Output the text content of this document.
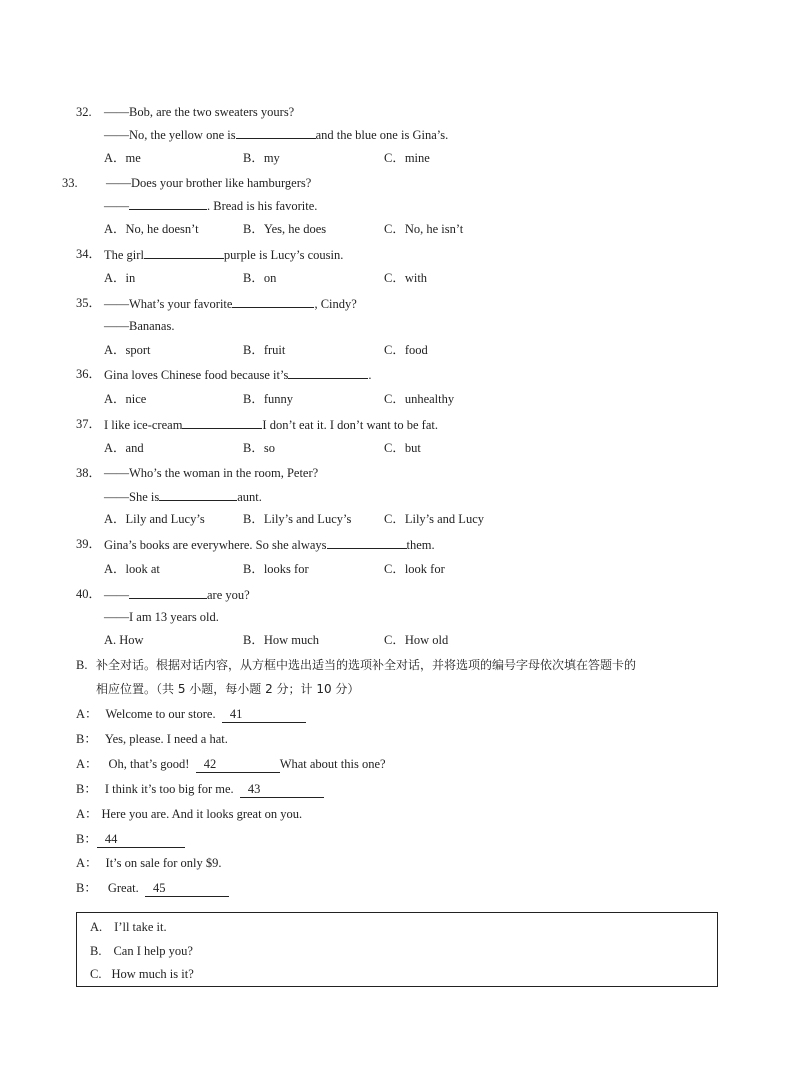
32. ——Bob, are the two sweaters yours?
——No, the yellow one is	and the blue one is Gina’s.
A．me	B．my	C．mine
33. ——Does your brother like hamburgers?
——	. Bread is his favorite.
A．No, he doesn’t	B．Yes, he does	C．No, he isn’t
34． The girl	purple is Lucy’s cousin.
A．in	B．on	C．with
35． ——What’s your favorite	, Cindy?
——Bananas.
A．sport	B．fruit	C．food
36． Gina loves Chinese food because it’s	.
A．nice	B．funny	C．unhealthy
37． I like ice-cream	I don’t eat it. I don’t want to be fat.
A．and	B．so	C．but
38． ——Who’s the woman in the room, Peter?
——She is	aunt.
A．Lily and Lucy’s	B．Lily’s and Lucy’s	C．Lily’s and Lucy
39． Gina’s books are everywhere. So she always	them.
A．look at	B．looks for	C．look for
40． ——	are you?
——I am 13 years old.
A. How	B．How much	C．How old
B. 补全对话。根据对话内容，从方框中选出适当的选项补全对话，并将选项的编号字母依次填在答题卡的
相应位置。（共 5 小题，每小题 2 分；计 10 分）
A： Welcome to our store. 41
B： Yes, please. I need a hat.
A： Oh, that’s good! 42	What about this one?
B： I think it’s too big for me. 43
A： Here you are. And it looks great on you.
B： 44
A： It’s on sale for only $9.
B： Great. 45
A. I’ll take it.
B. Can I help you?
C. How much is it?
